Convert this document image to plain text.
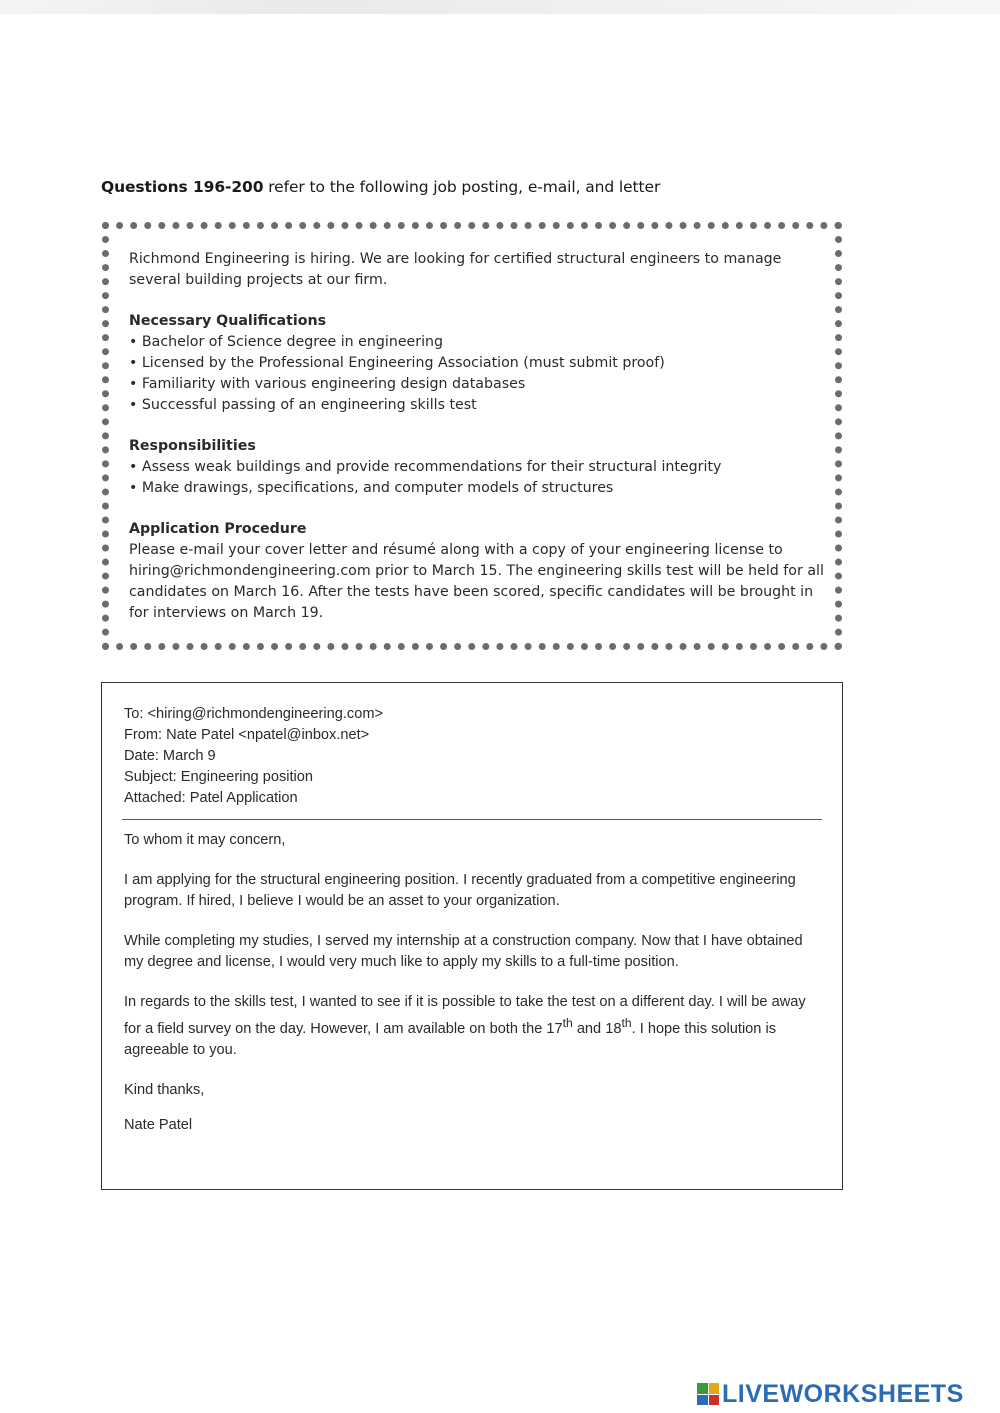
Questions 196-200 refer to the following job posting, e-mail, and letter

Richmond Engineering is hiring. We are looking for certified structural engineers to manage several building projects at our firm.

Necessary Qualifications

• Bachelor of Science degree in engineering

• Licensed by the Professional Engineering Association (must submit proof)

• Familiarity with various engineering design databases

• Successful passing of an engineering skills test

Responsibilities

• Assess weak buildings and provide recommendations for their structural integrity

• Make drawings, specifications, and computer models of structures

Application Procedure

Please e-mail your cover letter and résumé along with a copy of your engineering license to hiring@richmondengineering.com prior to March 15. The engineering skills test will be held for all candidates on March 16. After the tests have been scored, specific candidates will be brought in for interviews on March 19.

To: <hiring@richmondengineering.com>

From: Nate Patel <npatel@inbox.net>

Date: March 9

Subject: Engineering position

Attached: Patel Application

To whom it may concern,

I am applying for the structural engineering position. I recently graduated from a competitive engineering program. If hired, I believe I would be an asset to your organization.

While completing my studies, I served my internship at a construction company. Now that I have obtained my degree and license, I would very much like to apply my skills to a full-time position.

In regards to the skills test, I wanted to see if it is possible to take the test on a different day. I will be away for a field survey on the day. However, I am available on both the 17th and 18th. I hope this solution is agreeable to you.

Kind thanks,

Nate Patel

LIVEWORKSHEETS
